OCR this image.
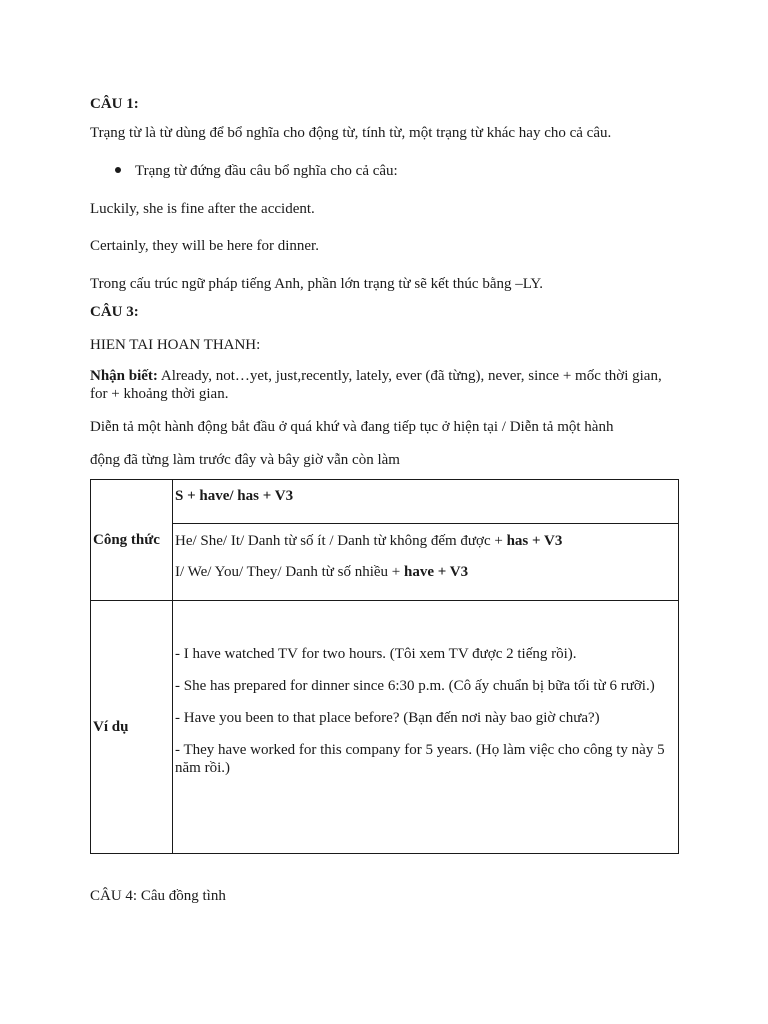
CÂU 1:
Trạng từ là từ dùng để bổ nghĩa cho động từ, tính từ, một trạng từ khác hay cho cả câu.
Trạng từ đứng đầu câu bổ nghĩa cho cả câu:
Luckily, she is fine after the accident.
Certainly, they will be here for dinner.
Trong cấu trúc ngữ pháp tiếng Anh, phần lớn trạng từ sẽ kết thúc bằng –LY.
CÂU 3:
HIEN TAI HOAN THANH:
Nhận biết: Already, not…yet, just,recently, lately, ever (đã từng), never, since + mốc thời gian, for + khoảng thời gian.
Diễn tả một hành động bắt đầu ở quá khứ và đang tiếp tục ở hiện tại / Diễn tả một hành
động đã từng làm trước đây và bây giờ vẫn còn làm
Công thức	S + have/ has + V3

	He/ She/ It/ Danh từ số ít / Danh từ không đếm được + has + V3
I/ We/ You/ They/ Danh từ số nhiều + have + V3

Ví dụ	- I have watched TV for two hours. (Tôi xem TV được 2 tiếng rồi).
- She has prepared for dinner since 6:30 p.m. (Cô ấy chuẩn bị bữa tối từ 6 rưỡi.)
- Have you been to that place before? (Bạn đến nơi này bao giờ chưa?)
- They have worked for this company for 5 years. (Họ làm việc cho công ty này 5 năm rồi.)
CÂU 4: Câu đồng tình
